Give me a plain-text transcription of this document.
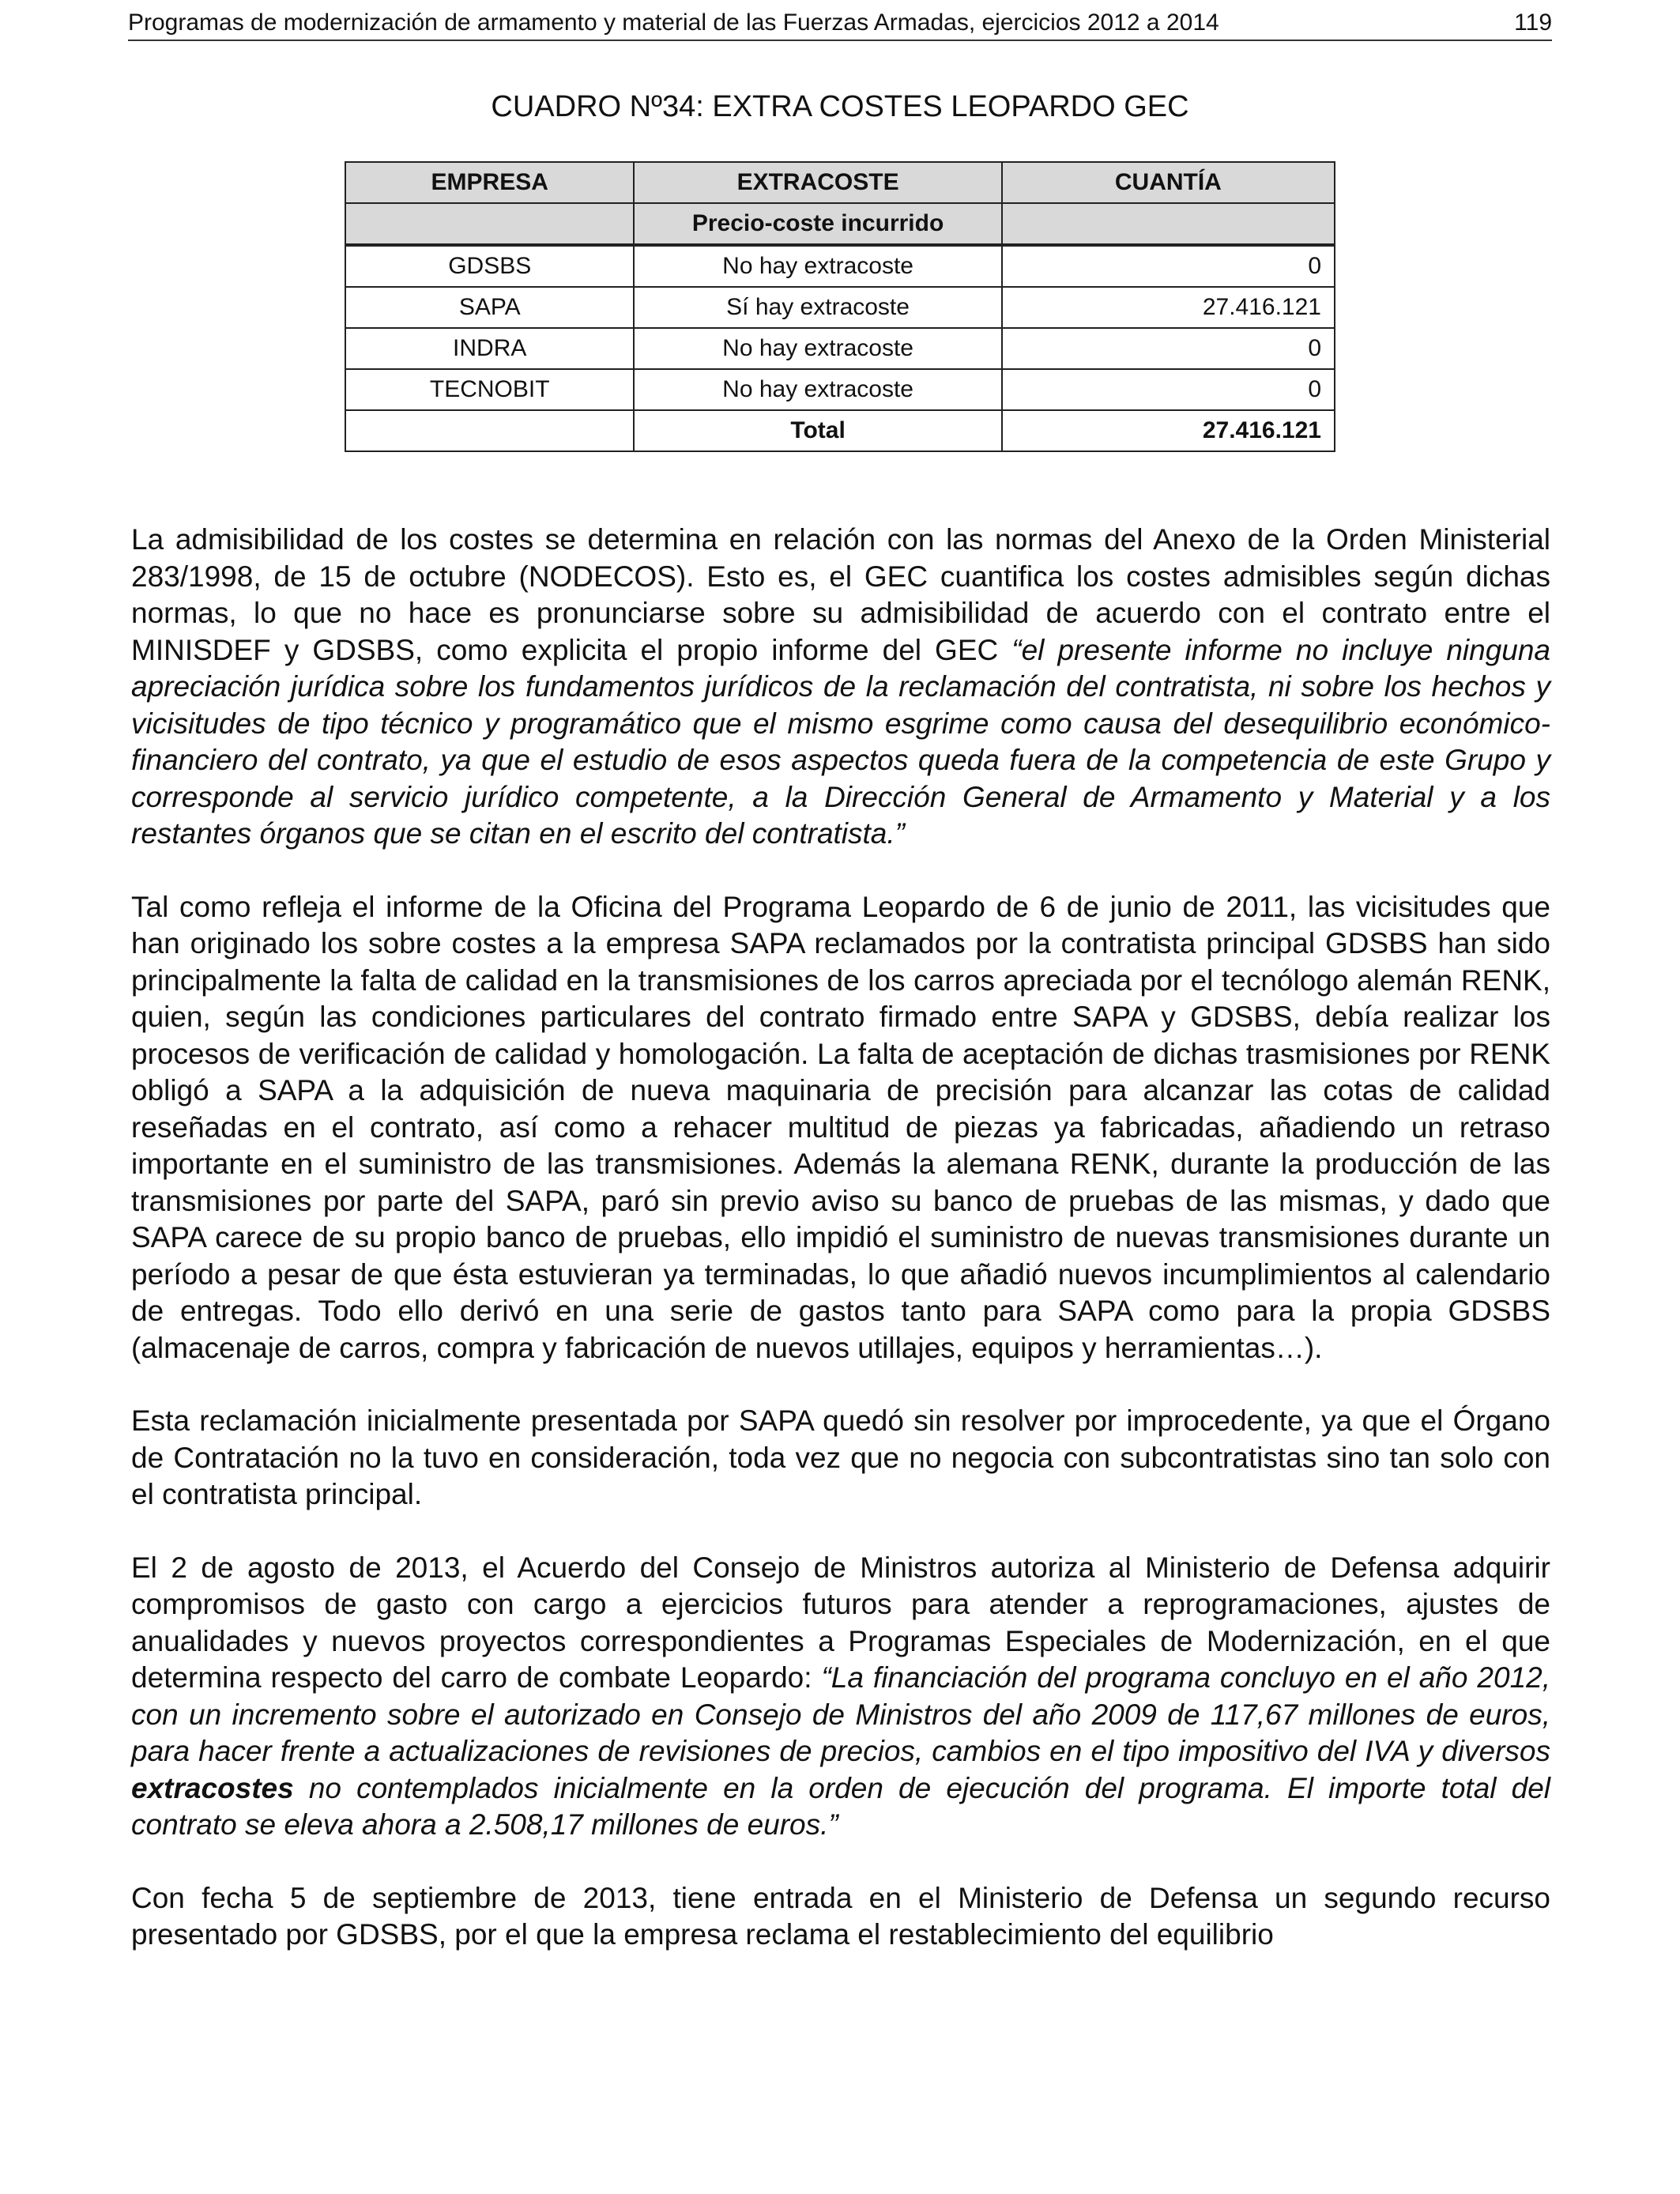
Programas de modernización de armamento y material de las Fuerzas Armadas, ejercicios 2012 a 2014	119
CUADRO Nº34: EXTRA COSTES LEOPARDO GEC
EMPRESA	EXTRACOSTE	CUANTÍA
	Precio-coste incurrido	
GDSBS	No hay extracoste	0
SAPA	Sí hay extracoste	27.416.121
INDRA	No hay extracoste	0
TECNOBIT	No hay extracoste	0
	Total	27.416.121

La admisibilidad de los costes se determina en relación con las normas del Anexo de la Orden Ministerial 283/1998, de 15 de octubre (NODECOS). Esto es, el GEC cuantifica los costes admisibles según dichas normas, lo que no hace es pronunciarse sobre su admisibilidad de acuerdo con el contrato entre el MINISDEF y GDSBS, como explicita el propio informe del GEC “el presente informe no incluye ninguna apreciación jurídica sobre los fundamentos jurídicos de la reclamación del contratista, ni sobre los hechos y vicisitudes de tipo técnico y programático que el mismo esgrime como causa del desequilibrio económico-financiero del contrato, ya que el estudio de esos aspectos queda fuera de la competencia de este Grupo y corresponde al servicio jurídico competente, a la Dirección General de Armamento y Material y a los restantes órganos que se citan en el escrito del contratista.”

Tal como refleja el informe de la Oficina del Programa Leopardo de 6 de junio de 2011, las vicisitudes que han originado los sobre costes a la empresa SAPA reclamados por la contratista principal GDSBS han sido principalmente la falta de calidad en la transmisiones de los carros apreciada por el tecnólogo alemán RENK, quien, según las condiciones particulares del contrato firmado entre SAPA y GDSBS, debía realizar los procesos de verificación de calidad y homologación. La falta de aceptación de dichas trasmisiones por RENK obligó a SAPA a la adquisición de nueva maquinaria de precisión para alcanzar las cotas de calidad reseñadas en el contrato, así como a rehacer multitud de piezas ya fabricadas, añadiendo un retraso importante en el suministro de las transmisiones. Además la alemana RENK, durante la producción de las transmisiones por parte del SAPA, paró sin previo aviso su banco de pruebas de las mismas, y dado que SAPA carece de su propio banco de pruebas, ello impidió el suministro de nuevas transmisiones durante un período a pesar de que ésta estuvieran ya terminadas, lo que añadió nuevos incumplimientos al calendario de entregas. Todo ello derivó en una serie de gastos tanto para SAPA como para la propia GDSBS (almacenaje de carros, compra y fabricación de nuevos utillajes, equipos y herramientas…).

Esta reclamación inicialmente presentada por SAPA quedó sin resolver por improcedente, ya que el Órgano de Contratación no la tuvo en consideración, toda vez que no negocia con subcontratistas sino tan solo con el contratista principal.

El 2 de agosto de 2013, el Acuerdo del Consejo de Ministros autoriza al Ministerio de Defensa adquirir compromisos de gasto con cargo a ejercicios futuros para atender a reprogramaciones, ajustes de anualidades y nuevos proyectos correspondientes a Programas Especiales de Modernización, en el que determina respecto del carro de combate Leopardo: “La financiación del programa concluyo en el año 2012, con un incremento sobre el autorizado en Consejo de Ministros del año 2009 de 117,67 millones de euros, para hacer frente a actualizaciones de revisiones de precios, cambios en el tipo impositivo del IVA y diversos extracostes no contemplados inicialmente en la orden de ejecución del programa. El importe total del contrato se eleva ahora a 2.508,17 millones de euros.”

Con fecha 5 de septiembre de 2013, tiene entrada en el Ministerio de Defensa un segundo recurso presentado por GDSBS, por el que la empresa reclama el restablecimiento del equilibrio
